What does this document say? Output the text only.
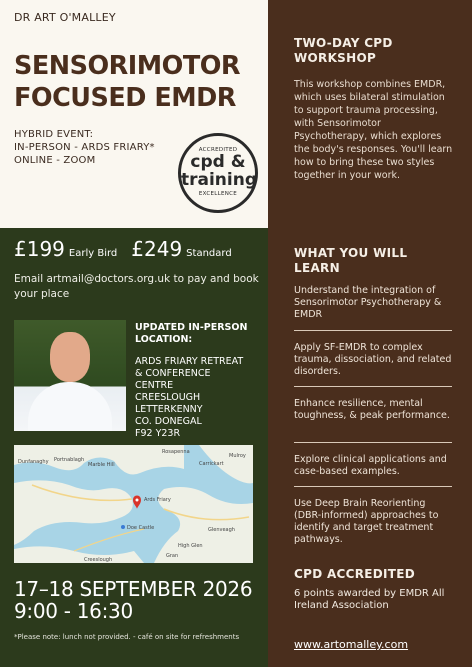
DR ART O'MALLEY
SENSORIMOTOR
FOCUSED EMDR
HYBRID EVENT:
IN-PERSON - ARDS FRIARY*
ONLINE - ZOOM
ACCREDITED
cpd &
training
EXCELLENCE
£199 Early Bird £249 Standard
Email artmail@doctors.org.uk to pay and book your place
UPDATED IN-PERSON
LOCATION:
ARDS FRIARY RETREAT
& CONFERENCE
CENTRE
CREESLOUGH
LETTERKENNY
CO. DONEGAL
F92 Y23R
Dunfanaghy Portnablagh
Marble Hill
Rosapenna
Carrickart
Mulroy
Ards Friary
Doe Castle
Creeslough
Glenveagh
High Glen
Gran
17–18 SEPTEMBER 2026
9:00 - 16:30
*Please note: lunch not provided. - café on site for refreshments
TWO-DAY CPD
WORKSHOP
This workshop combines EMDR, which uses bilateral stimulation to support trauma processing, with Sensorimotor Psychotherapy, which explores the body's responses. You'll learn how to bring these two styles together in your work.
WHAT YOU WILL
LEARN
Understand the integration of Sensorimotor Psychotherapy & EMDR
Apply SF-EMDR to complex trauma, dissociation, and related disorders.
Enhance resilience, mental toughness, & peak performance.
Explore clinical applications and case-based examples.
Use Deep Brain Reorienting (DBR-informed) approaches to identify and target treatment pathways.
CPD ACCREDITED
6 points awarded by EMDR All Ireland Association
www.artomalley.com
